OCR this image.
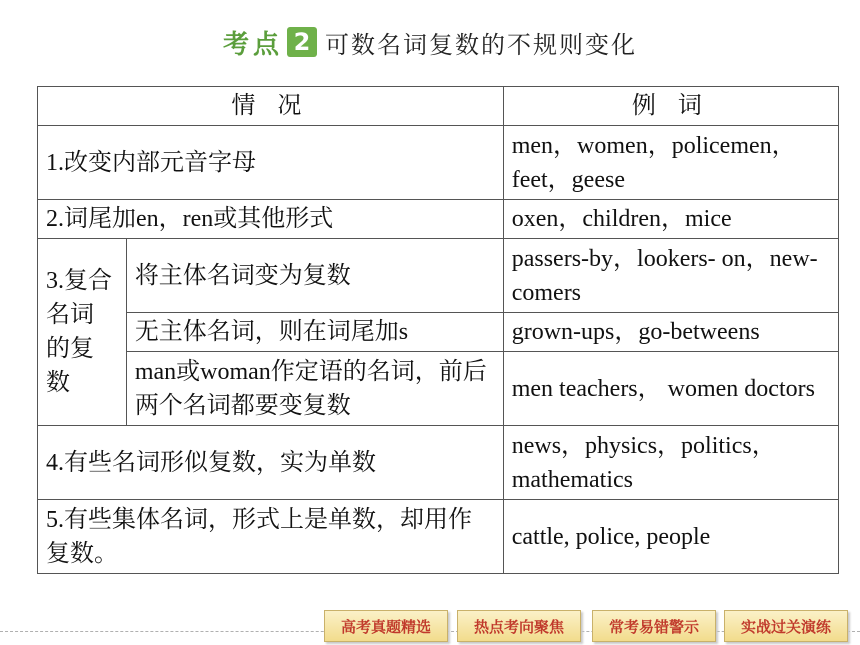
考点 2 可数名词复数的不规则变化
情 况		例 词
1.改变内部元音字母		men，women，policemen，feet，geese
2.词尾加en，ren或其他形式		oxen，children，mice
3.复合名词的复数	将主体名词变为复数	passers-by，lookers- on，new-comers
	无主体名词，则在词尾加s	grown-ups，go-betweens
	man或woman作定语的名词，前后两个名词都要变复数	men teachers， women doctors
4.有些名词形似复数，实为单数		news，physics，politics，mathematics
5.有些集体名词，形式上是单数，却用作复数。		cattle, police, people
高考真题精选	热点考向聚焦	常考易错警示	实战过关演练
